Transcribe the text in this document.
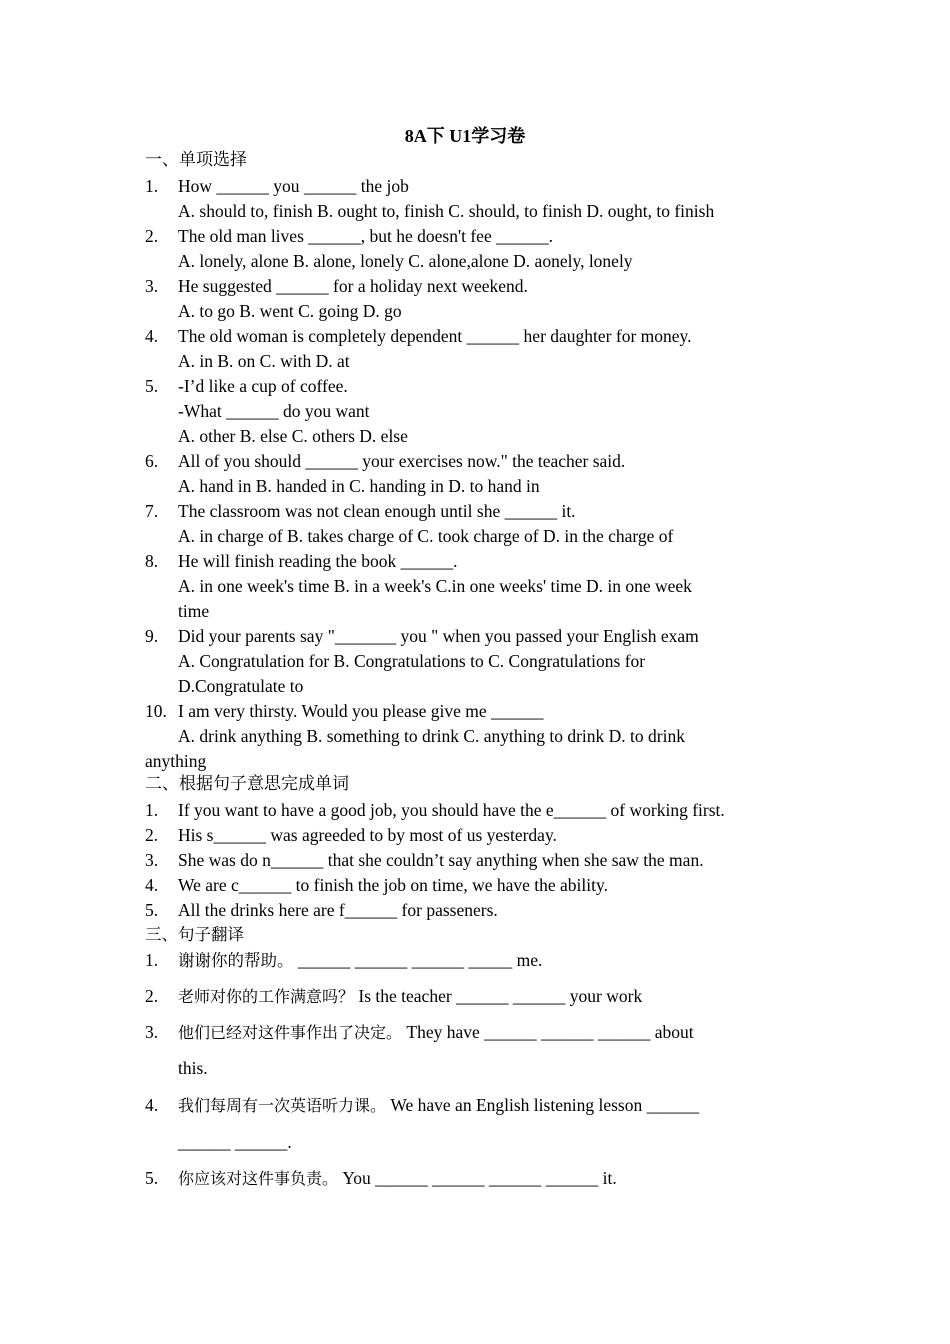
8A下 U1学习卷
一、单项选择
1. How ______ you ______ the job
A. should to, finish B. ought to, finish C. should, to finish D. ought, to finish
2. The old man lives ______, but he doesn't fee ______.
A. lonely, alone B. alone, lonely C. alone,alone D. aonely, lonely
3. He suggested ______ for a holiday next weekend.
A. to go B. went C. going D. go
4. The old woman is completely dependent ______ her daughter for money.
A. in B. on C. with D. at
5. -I’d like a cup of coffee.
-What ______ do you want
A. other B. else C. others D. else
6. All of you should ______ your exercises now." the teacher said.
A. hand in B. handed in C. handing in D. to hand in
7. The classroom was not clean enough until she ______ it.
A. in charge of B. takes charge of C. took charge of D. in the charge of
8. He will finish reading the book ______.
A. in one week's time B. in a week's C.in one weeks' time D. in one week
time
9. Did your parents say "_______ you " when you passed your English exam
A. Congratulation for B. Congratulations to C. Congratulations for
D.Congratulate to
10. I am very thirsty. Would you please give me ______
A. drink anything B. something to drink C. anything to drink D. to drink
anything
二、根据句子意思完成单词
1. If you want to have a good job, you should have the e______ of working first.
2. His s______ was agreeded to by most of us yesterday.
3. She was do n______ that she couldn’t say anything when she saw the man.
4. We are c______ to finish the job on time, we have the ability.
5. All the drinks here are f______ for passeners.
三、句子翻译
1. 谢谢你的帮助。 ______ ______ ______ _____ me.
2. 老师对你的工作满意吗？ Is the teacher ______ ______ your work
3. 他们已经对这件事作出了决定。 They have ______ ______ ______ about
this.
4. 我们每周有一次英语听力课。 We have an English listening lesson ______
______ ______.
5. 你应该对这件事负责。 You ______ ______ ______ ______ it.
